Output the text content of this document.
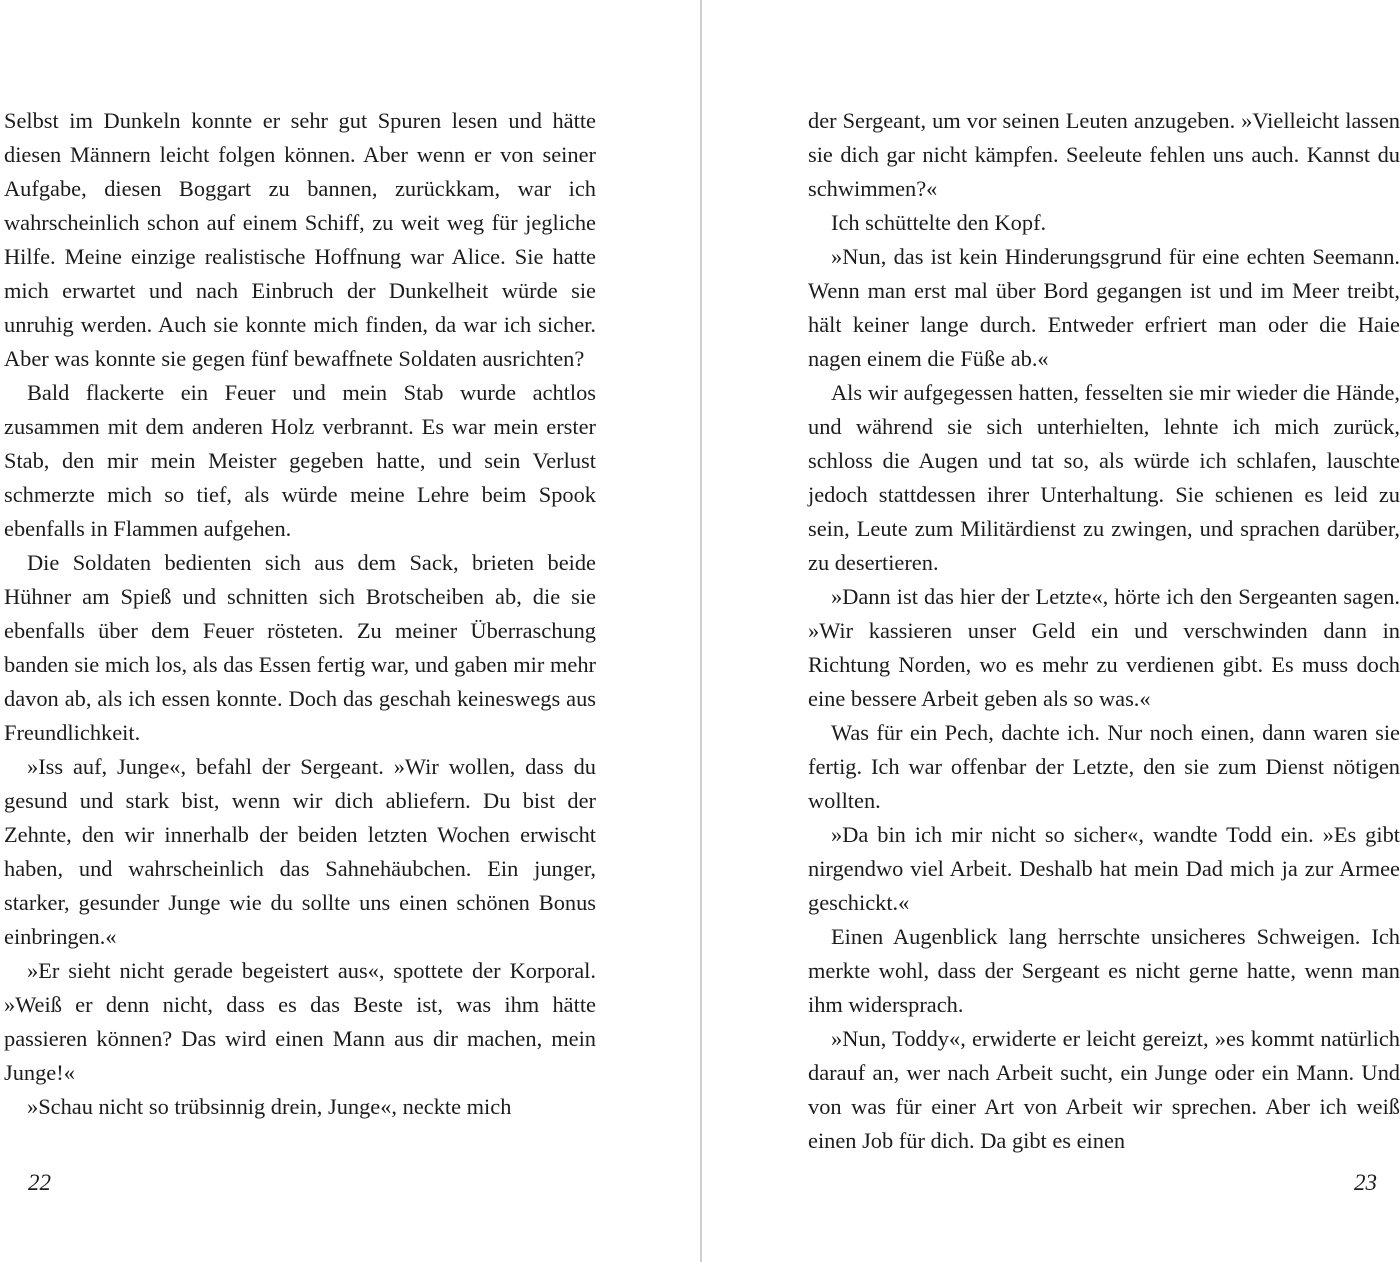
Selbst im Dunkeln konnte er sehr gut Spuren lesen und hätte diesen Männern leicht folgen können. Aber wenn er von seiner Aufgabe, diesen Boggart zu bannen, zurückkam, war ich wahrscheinlich schon auf einem Schiff, zu weit weg für jegliche Hilfe. Meine einzige realistische Hoffnung war Alice. Sie hatte mich erwartet und nach Einbruch der Dunkelheit würde sie unruhig werden. Auch sie konnte mich finden, da war ich sicher. Aber was konnte sie gegen fünf bewaffnete Soldaten ausrichten?

Bald flackerte ein Feuer und mein Stab wurde achtlos zusammen mit dem anderen Holz verbrannt. Es war mein erster Stab, den mir mein Meister gegeben hatte, und sein Verlust schmerzte mich so tief, als würde meine Lehre beim Spook ebenfalls in Flammen aufgehen.

Die Soldaten bedienten sich aus dem Sack, brieten beide Hühner am Spieß und schnitten sich Brotscheiben ab, die sie ebenfalls über dem Feuer rösteten. Zu meiner Überraschung banden sie mich los, als das Essen fertig war, und gaben mir mehr davon ab, als ich essen konnte. Doch das geschah keineswegs aus Freundlichkeit.

»Iss auf, Junge«, befahl der Sergeant. »Wir wollen, dass du gesund und stark bist, wenn wir dich abliefern. Du bist der Zehnte, den wir innerhalb der beiden letzten Wochen erwischt haben, und wahrscheinlich das Sahnehäubchen. Ein junger, starker, gesunder Junge wie du sollte uns einen schönen Bonus einbringen.«

»Er sieht nicht gerade begeistert aus«, spottete der Korporal. »Weiß er denn nicht, dass es das Beste ist, was ihm hätte passieren können? Das wird einen Mann aus dir machen, mein Junge!«

»Schau nicht so trübsinnig drein, Junge«, neckte mich

22

der Sergeant, um vor seinen Leuten anzugeben. »Vielleicht lassen sie dich gar nicht kämpfen. Seeleute fehlen uns auch. Kannst du schwimmen?«

Ich schüttelte den Kopf.

»Nun, das ist kein Hinderungsgrund für eine echten Seemann. Wenn man erst mal über Bord gegangen ist und im Meer treibt, hält keiner lange durch. Entweder erfriert man oder die Haie nagen einem die Füße ab.«

Als wir aufgegessen hatten, fesselten sie mir wieder die Hände, und während sie sich unterhielten, lehnte ich mich zurück, schloss die Augen und tat so, als würde ich schlafen, lauschte jedoch stattdessen ihrer Unterhaltung. Sie schienen es leid zu sein, Leute zum Militärdienst zu zwingen, und sprachen darüber, zu desertieren.

»Dann ist das hier der Letzte«, hörte ich den Sergeanten sagen. »Wir kassieren unser Geld ein und verschwinden dann in Richtung Norden, wo es mehr zu verdienen gibt. Es muss doch eine bessere Arbeit geben als so was.«

Was für ein Pech, dachte ich. Nur noch einen, dann waren sie fertig. Ich war offenbar der Letzte, den sie zum Dienst nötigen wollten.

»Da bin ich mir nicht so sicher«, wandte Todd ein. »Es gibt nirgendwo viel Arbeit. Deshalb hat mein Dad mich ja zur Armee geschickt.«

Einen Augenblick lang herrschte unsicheres Schweigen. Ich merkte wohl, dass der Sergeant es nicht gerne hatte, wenn man ihm widersprach.

»Nun, Toddy«, erwiderte er leicht gereizt, »es kommt natürlich darauf an, wer nach Arbeit sucht, ein Junge oder ein Mann. Und von was für einer Art von Arbeit wir sprechen. Aber ich weiß einen Job für dich. Da gibt es einen

23
